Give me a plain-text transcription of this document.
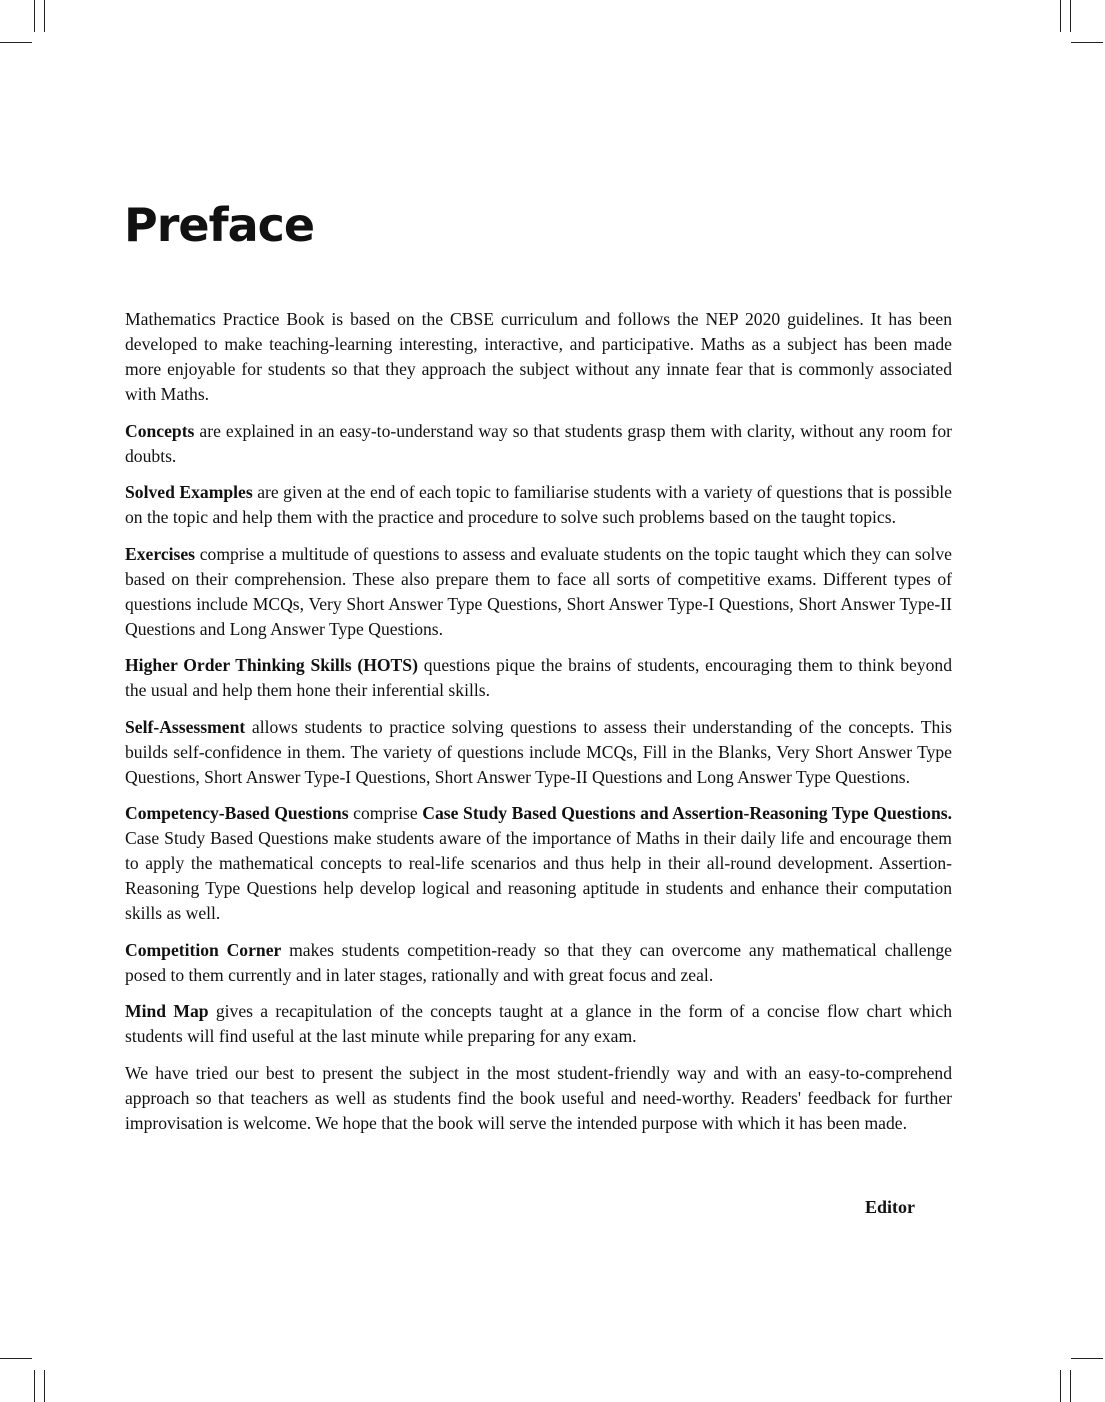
Preface

Mathematics Practice Book is based on the CBSE curriculum and follows the NEP 2020 guidelines. It has been developed to make teaching-learning interesting, interactive, and participative. Maths as a subject has been made more enjoyable for students so that they approach the subject without any innate fear that is commonly associated with Maths.

Concepts are explained in an easy-to-understand way so that students grasp them with clarity, without any room for doubts.

Solved Examples are given at the end of each topic to familiarise students with a variety of questions that is possible on the topic and help them with the practice and procedure to solve such problems based on the taught topics.

Exercises comprise a multitude of questions to assess and evaluate students on the topic taught which they can solve based on their comprehension. These also prepare them to face all sorts of competitive exams. Different types of questions include MCQs, Very Short Answer Type Questions, Short Answer Type-I Questions, Short Answer Type-II Questions and Long Answer Type Questions.

Higher Order Thinking Skills (HOTS) questions pique the brains of students, encouraging them to think beyond the usual and help them hone their inferential skills.

Self-Assessment allows students to practice solving questions to assess their understanding of the concepts. This builds self-confidence in them. The variety of questions include MCQs, Fill in the Blanks, Very Short Answer Type Questions, Short Answer Type-I Questions, Short Answer Type-II Questions and Long Answer Type Questions.

Competency-Based Questions comprise Case Study Based Questions and Assertion-Reasoning Type Questions. Case Study Based Questions make students aware of the importance of Maths in their daily life and encourage them to apply the mathematical concepts to real-life scenarios and thus help in their all-round development. Assertion-Reasoning Type Questions help develop logical and reasoning aptitude in students and enhance their computation skills as well.

Competition Corner makes students competition-ready so that they can overcome any mathematical challenge posed to them currently and in later stages, rationally and with great focus and zeal.

Mind Map gives a recapitulation of the concepts taught at a glance in the form of a concise flow chart which students will find useful at the last minute while preparing for any exam.

We have tried our best to present the subject in the most student-friendly way and with an easy-to-comprehend approach so that teachers as well as students find the book useful and need-worthy. Readers' feedback for further improvisation is welcome. We hope that the book will serve the intended purpose with which it has been made.

Editor
